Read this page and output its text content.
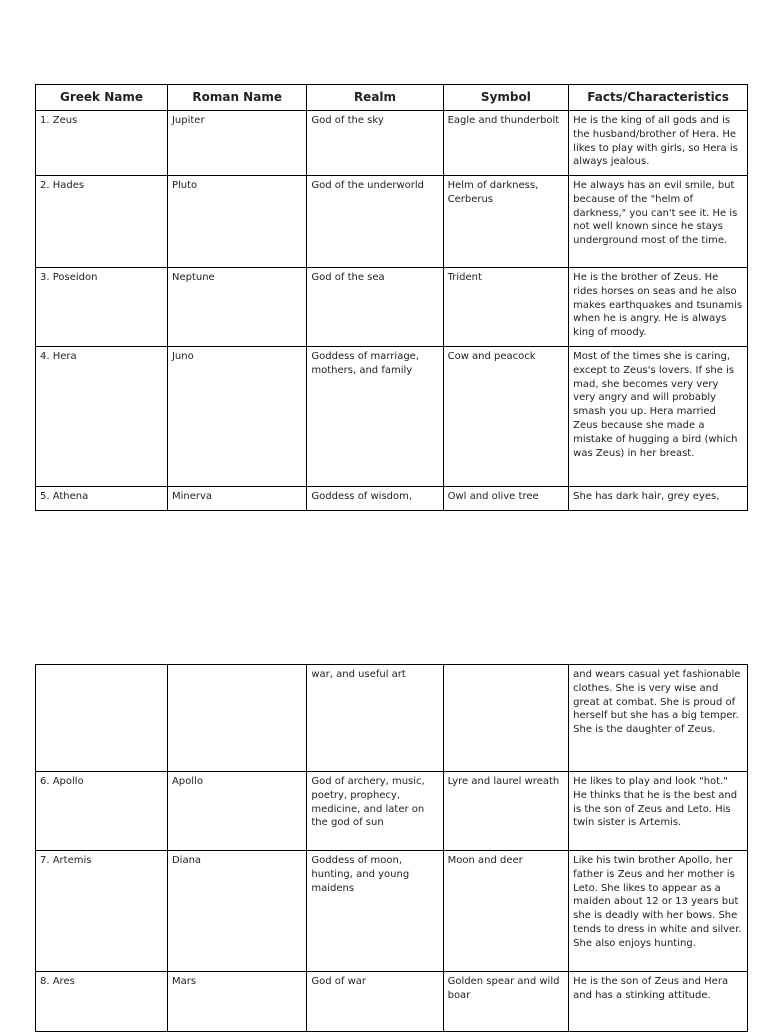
Greek Name	Roman Name	Realm	Symbol	Facts/Characteristics
1. Zeus	Jupiter	God of the sky	Eagle and thunderbolt	He is the king of all gods and is the husband/brother of Hera. He likes to play with girls, so Hera is always jealous.
2. Hades	Pluto	God of the underworld	Helm of darkness, Cerberus	He always has an evil smile, but because of the "helm of darkness," you can't see it. He is not well known since he stays underground most of the time.
3. Poseidon	Neptune	God of the sea	Trident	He is the brother of Zeus. He rides horses on seas and he also makes earthquakes and tsunamis when he is angry. He is always king of moody.
4. Hera	Juno	Goddess of marriage, mothers, and family	Cow and peacock	Most of the times she is caring, except to Zeus's lovers. If she is mad, she becomes very very very angry and will probably smash you up. Hera married Zeus because she made a mistake of hugging a bird (which was Zeus) in her breast.
5. Athena	Minerva	Goddess of wisdom,	Owl and olive tree	She has dark hair, grey eyes,
		war, and useful art		and wears casual yet fashionable clothes. She is very wise and great at combat. She is proud of herself but she has a big temper. She is the daughter of Zeus.
6. Apollo	Apollo	God of archery, music, poetry, prophecy, medicine, and later on the god of sun	Lyre and laurel wreath	He likes to play and look "hot." He thinks that he is the best and is the son of Zeus and Leto. His twin sister is Artemis.
7. Artemis	Diana	Goddess of moon, hunting, and young maidens	Moon and deer	Like his twin brother Apollo, her father is Zeus and her mother is Leto. She likes to appear as a maiden about 12 or 13 years but she is deadly with her bows. She tends to dress in white and silver. She also enjoys hunting.
8. Ares	Mars	God of war	Golden spear and wild boar	He is the son of Zeus and Hera and has a stinking attitude.
